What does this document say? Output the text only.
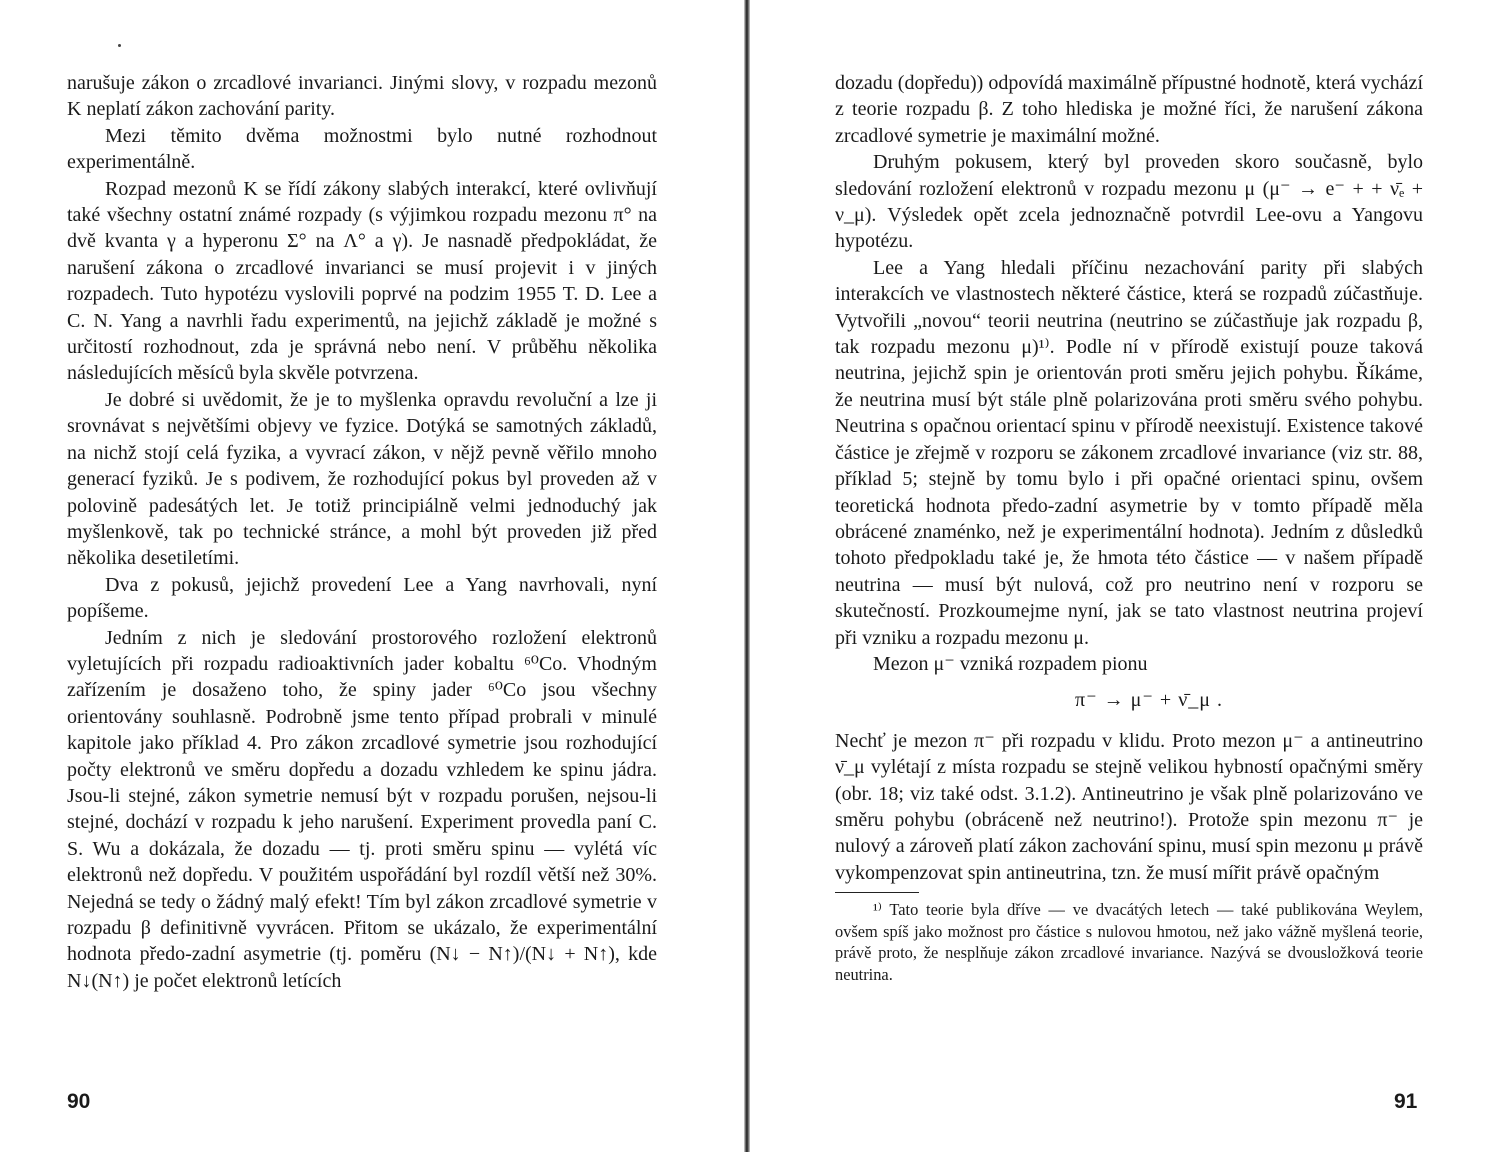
narušuje zákon o zrcadlové invarianci. Jinými slovy, v rozpadu mezonů K neplatí zákon zachování parity.

Mezi těmito dvěma možnostmi bylo nutné rozhodnout experimentálně.

Rozpad mezonů K se řídí zákony slabých interakcí, které ovlivňují také všechny ostatní známé rozpady (s výjimkou rozpadu mezonu π° na dvě kvanta γ a hyperonu Σ° na Λ° a γ). Je nasnadě předpokládat, že narušení zákona o zrcadlové invarianci se musí projevit i v jiných rozpadech. Tuto hypotézu vyslovili poprvé na podzim 1955 T. D. Lee a C. N. Yang a navrhli řadu experimentů, na jejichž základě je možné s určitostí rozhodnout, zda je správná nebo není. V průběhu několika následujících měsíců byla skvěle potvrzena.

Je dobré si uvědomit, že je to myšlenka opravdu revoluční a lze ji srovnávat s největšími objevy ve fyzice. Dotýká se samotných základů, na nichž stojí celá fyzika, a vyvrací zákon, v nějž pevně věřilo mnoho generací fyziků. Je s podivem, že rozhodující pokus byl proveden až v polovině padesátých let. Je totiž principiálně velmi jednoduchý jak myšlenkově, tak po technické stránce, a mohl být proveden již před několika desetiletími.

Dva z pokusů, jejichž provedení Lee a Yang navrhovali, nyní popíšeme.

Jedním z nich je sledování prostorového rozložení elektronů vyletujících při rozpadu radioaktivních jader kobaltu ⁶⁰Co. Vhodným zařízením je dosaženo toho, že spiny jader ⁶⁰Co jsou všechny orientovány souhlasně. Podrobně jsme tento případ probrali v minulé kapitole jako příklad 4. Pro zákon zrcadlové symetrie jsou rozhodující počty elektronů ve směru dopředu a dozadu vzhledem ke spinu jádra. Jsou-li stejné, zákon symetrie nemusí být v rozpadu porušen, nejsou-li stejné, dochází v rozpadu k jeho narušení. Experiment provedla paní C. S. Wu a dokázala, že dozadu — tj. proti směru spinu — vylétá víc elektronů než dopředu. V použitém uspořádání byl rozdíl větší než 30%. Nejedná se tedy o žádný malý efekt! Tím byl zákon zrcadlové symetrie v rozpadu β definitivně vyvrácen. Přitom se ukázalo, že experimentální hodnota předo-zadní asymetrie (tj. poměru (N↓ − N↑)/(N↓ + N↑), kde N↓(N↑) je počet elektronů letících

90

dozadu (dopředu)) odpovídá maximálně přípustné hodnotě, která vychází z teorie rozpadu β. Z toho hlediska je možné říci, že narušení zákona zrcadlové symetrie je maximální možné.

Druhým pokusem, který byl proveden skoro současně, bylo sledování rozložení elektronů v rozpadu mezonu μ (μ⁻ → e⁻ + + ν̄ₑ + ν_μ). Výsledek opět zcela jednoznačně potvrdil Lee-ovu a Yangovu hypotézu.

Lee a Yang hledali příčinu nezachování parity při slabých interakcích ve vlastnostech některé částice, která se rozpadů zúčastňuje. Vytvořili „novou“ teorii neutrina (neutrino se zúčastňuje jak rozpadu β, tak rozpadu mezonu μ)¹⁾. Podle ní v přírodě existují pouze taková neutrina, jejichž spin je orientován proti směru jejich pohybu. Říkáme, že neutrina musí být stále plně polarizována proti směru svého pohybu. Neutrina s opačnou orientací spinu v přírodě neexistují. Existence takové částice je zřejmě v rozporu se zákonem zrcadlové invariance (viz str. 88, příklad 5; stejně by tomu bylo i při opačné orientaci spinu, ovšem teoretická hodnota předo-zadní asymetrie by v tomto případě měla obrácené znaménko, než je experimentální hodnota). Jedním z důsledků tohoto předpokladu také je, že hmota této částice — v našem případě neutrina — musí být nulová, což pro neutrino není v rozporu se skutečností. Prozkoumejme nyní, jak se tato vlastnost neutrina projeví při vzniku a rozpadu mezonu μ.

Mezon μ⁻ vzniká rozpadem pionu

π⁻ → μ⁻ + ν̄_μ .

Nechť je mezon π⁻ při rozpadu v klidu. Proto mezon μ⁻ a antineutrino ν̄_μ vylétají z místa rozpadu se stejně velikou hybností opačnými směry (obr. 18; viz také odst. 3.1.2). Antineutrino je však plně polarizováno ve směru pohybu (obráceně než neutrino!). Protože spin mezonu π⁻ je nulový a zároveň platí zákon zachování spinu, musí spin mezonu μ právě vykompenzovat spin antineutrina, tzn. že musí mířit právě opačným

¹⁾ Tato teorie byla dříve — ve dvacátých letech — také publikována Weylem, ovšem spíš jako možnost pro částice s nulovou hmotou, než jako vážně myšlená teorie, právě proto, že nesplňuje zákon zrcadlové invariance. Nazývá se dvousložková teorie neutrina.

91
